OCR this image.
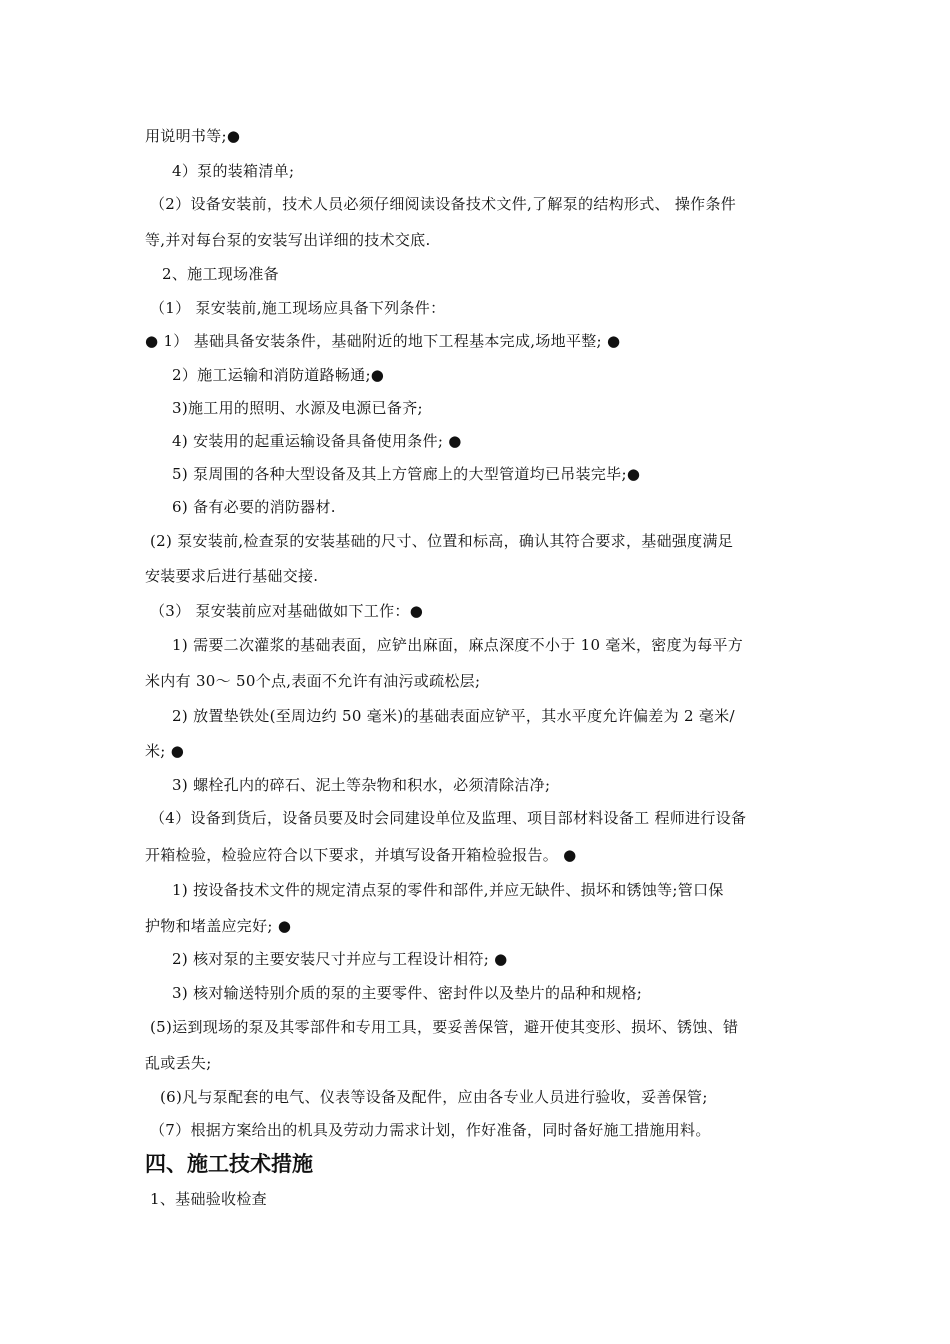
用说明书等;●
4）泵的装箱清单;
（2）设备安装前，技术人员必须仔细阅读设备技术文件,了解泵的结构形式、 操作条件
等,并对每台泵的安装写出详细的技术交底.
2、施工现场准备
（1） 泵安装前,施工现场应具备下列条件：
● 1） 基础具备安装条件，基础附近的地下工程基本完成,场地平整; ●
2）施工运输和消防道路畅通;●
3)施工用的照明、水源及电源已备齐;
4) 安装用的起重运输设备具备使用条件; ●
5) 泵周围的各种大型设备及其上方管廊上的大型管道均已吊装完毕;●
6) 备有必要的消防器材.
(2) 泵安装前,检查泵的安装基础的尺寸、位置和标高，确认其符合要求，基础强度满足
安装要求后进行基础交接.
（3） 泵安装前应对基础做如下工作：●
1) 需要二次灌浆的基础表面，应铲出麻面，麻点深度不小于 10 毫米，密度为每平方
米内有 30～ 50个点,表面不允许有油污或疏松层;
2) 放置垫铁处(至周边约 50 毫米)的基础表面应铲平，其水平度允许偏差为 2 毫米/
米; ●
3) 螺栓孔内的碎石、泥土等杂物和积水，必须清除洁净;
（4）设备到货后，设备员要及时会同建设单位及监理、项目部材料设备工 程师进行设备
开箱检验，检验应符合以下要求，并填写设备开箱检验报告。 ●
1) 按设备技术文件的规定清点泵的零件和部件,并应无缺件、损坏和锈蚀等;管口保
护物和堵盖应完好; ●
2) 核对泵的主要安装尺寸并应与工程设计相符; ●
3) 核对输送特别介质的泵的主要零件、密封件以及垫片的品种和规格;
(5)运到现场的泵及其零部件和专用工具，要妥善保管，避开使其变形、损坏、锈蚀、错
乱或丢失;
(6)凡与泵配套的电气、仪表等设备及配件，应由各专业人员进行验收，妥善保管;
（7）根据方案给出的机具及劳动力需求计划，作好准备，同时备好施工措施用料。
四、施工技术措施
1、基础验收检查
